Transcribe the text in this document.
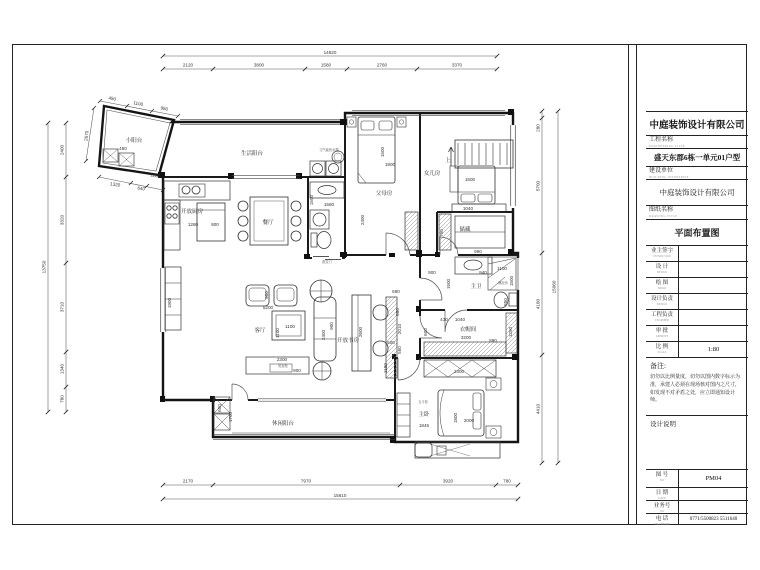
14620
2120	3800	1580	2760	3370
2170	7970	3920	780
15610
2400
3320
3710
1340
780
13750
280
5700
4180
4410
15060
450
1100
950
2670
1320
640
小阳台
生活阳台
开放厨房
餐厅
父母房
女儿房
储藏
客厅
开放书房
休闲阳台
主卫
衣帽间
主卧
淋浴房
五斗柜
推拉门
空气能热水器
电视柜
上
1180
450
1280	900
1500 1580
1500
1900
2400
1500
1040
750
900
1500
940
990
1100
1500
850
430 1040
3200
890
1290
600
2400
1845
1800 2000
5200
1100
1100	2400
900
2300
900
2600
1180
500
2010
550
650
690
600
1700
1900
900
中庭装饰设计有限公司
工程名称
ENGINEERING TITLE
盛天东郡6栋一单元01户型
建设单位
BUILDING INTERPRISE
中庭装饰设计有限公司
图纸名称
DRAWING TITLE
平面布置图
业主签字
OWNER SIGN
设 计
DESIGN
绘 图
DRAW
设计负责
DESIGN
工程负责
ENGINEER
审 批
APPROVE
比 例
SCALE	1:80
备注:
切勿以比例量度，切勿以图内数字标示为准，承建人必须在现场核对图内之尺寸，如发现不对矛盾之处，应立即通知设计师。
设计说明
图 号
NO	PM04
日 期
DATE
业务号
NO
电 话
TELEPHONE
0771/5500823 5511640
